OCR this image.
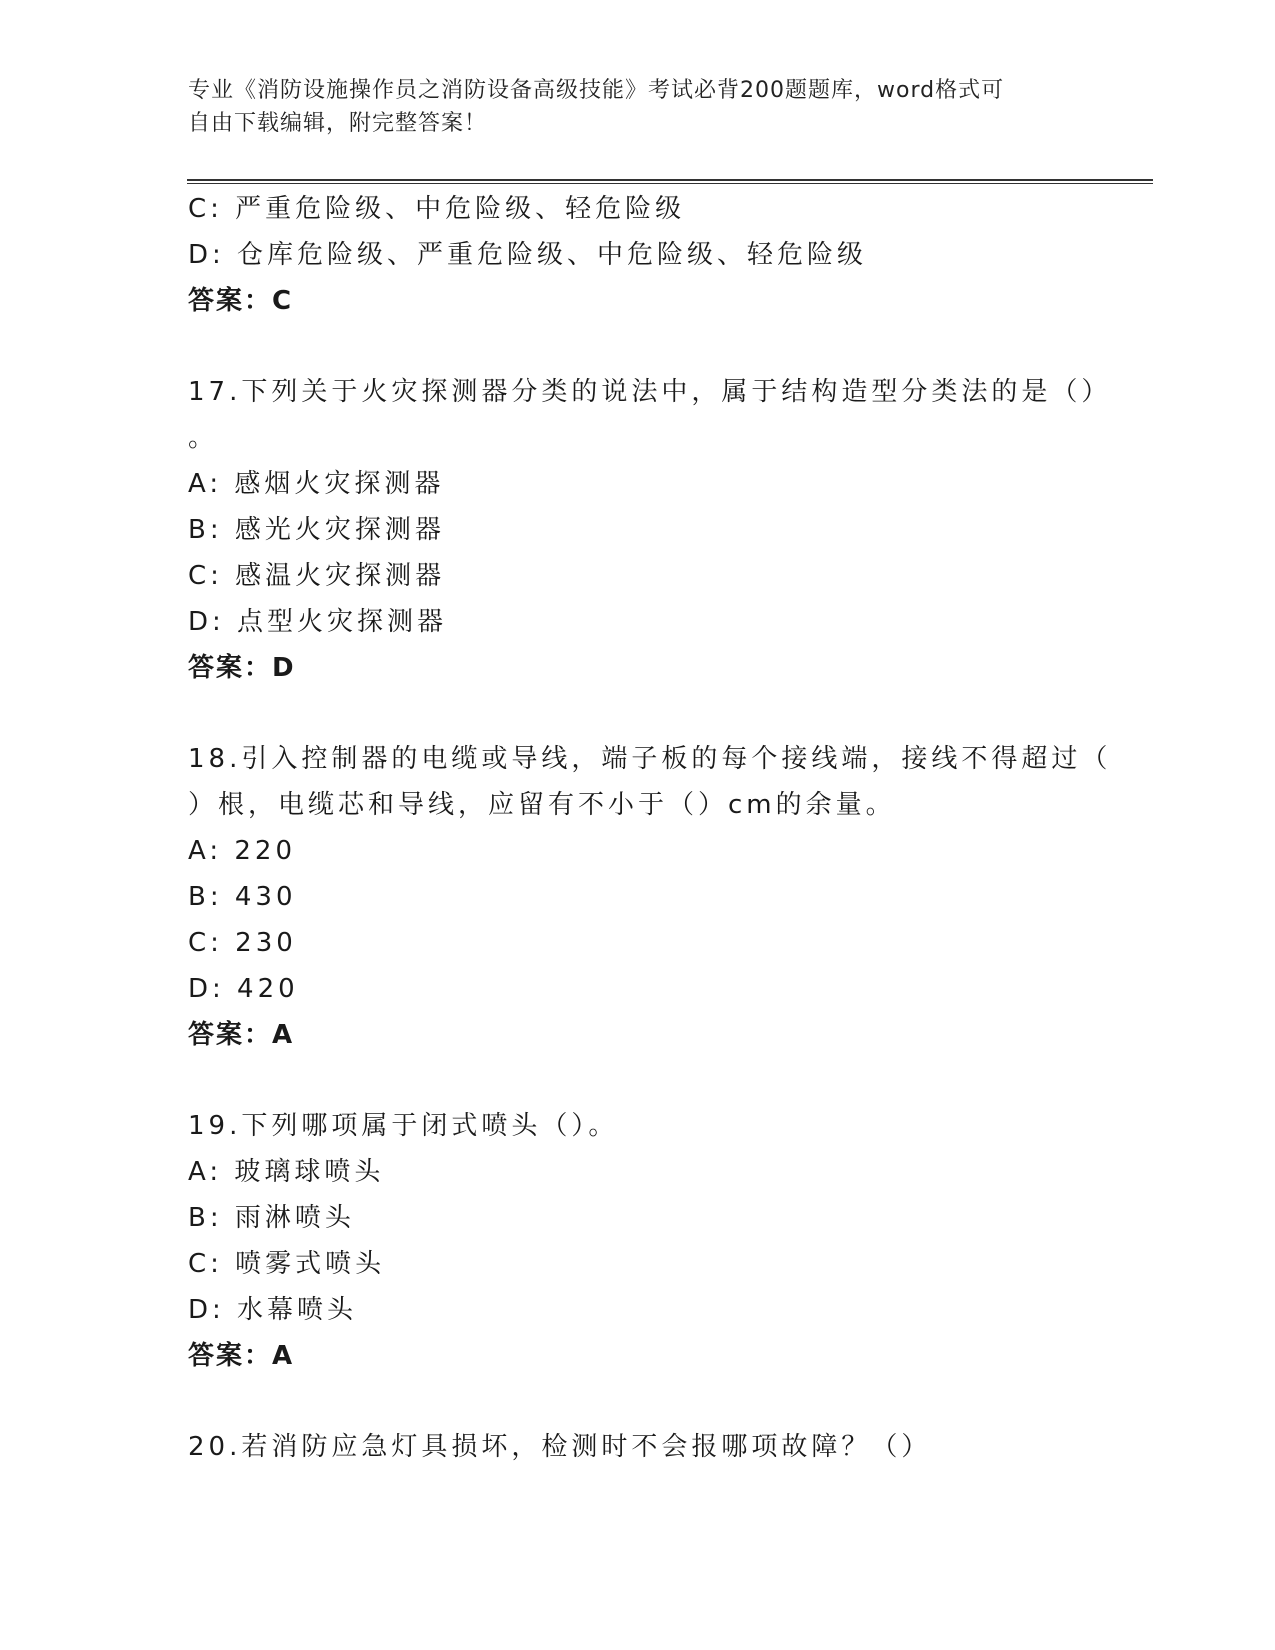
专业《消防设施操作员之消防设备高级技能》考试必背200题题库，word格式可
自由下载编辑，附完整答案！
C: 严重危险级、中危险级、轻危险级
D: 仓库危险级、严重危险级、中危险级、轻危险级
答案：C
17.下列关于火灾探测器分类的说法中，属于结构造型分类法的是（）
。
A: 感烟火灾探测器
B: 感光火灾探测器
C: 感温火灾探测器
D: 点型火灾探测器
答案：D
18.引入控制器的电缆或导线，端子板的每个接线端，接线不得超过（
）根，电缆芯和导线，应留有不小于（）cm的余量。
A: 220
B: 430
C: 230
D: 420
答案：A
19.下列哪项属于闭式喷头（）。
A: 玻璃球喷头
B: 雨淋喷头
C: 喷雾式喷头
D: 水幕喷头
答案：A
20.若消防应急灯具损坏，检测时不会报哪项故障？（）
